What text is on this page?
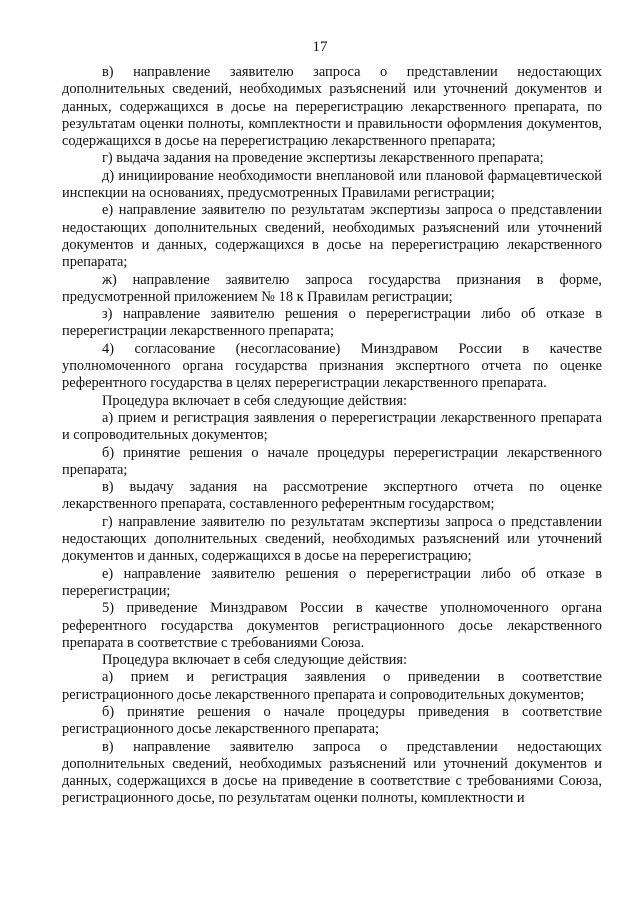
17

в) направление заявителю запроса о представлении недостающих дополнительных сведений, необходимых разъяснений или уточнений документов и данных, содержащихся в досье на перерегистрацию лекарственного препарата, по результатам оценки полноты, комплектности и правильности оформления документов, содержащихся в досье на перерегистрацию лекарственного препарата;

г) выдача задания на проведение экспертизы лекарственного препарата;

д) инициирование необходимости внеплановой или плановой фармацевтической инспекции на основаниях, предусмотренных Правилами регистрации;

е) направление заявителю по результатам экспертизы запроса о представлении недостающих дополнительных сведений, необходимых разъяснений или уточнений документов и данных, содержащихся в досье на перерегистрацию лекарственного препарата;

ж) направление заявителю запроса государства признания в форме, предусмотренной приложением № 18 к Правилам регистрации;

з) направление заявителю решения о перерегистрации либо об отказе в перерегистрации лекарственного препарата;

4) согласование (несогласование) Минздравом России в качестве уполномоченного органа государства признания экспертного отчета по оценке референтного государства в целях перерегистрации лекарственного препарата.

Процедура включает в себя следующие действия:

а) прием и регистрация заявления о перерегистрации лекарственного препарата и сопроводительных документов;

б) принятие решения о начале процедуры перерегистрации лекарственного препарата;

в) выдачу задания на рассмотрение экспертного отчета по оценке лекарственного препарата, составленного референтным государством;

г) направление заявителю по результатам экспертизы запроса о представлении недостающих дополнительных сведений, необходимых разъяснений или уточнений документов и данных, содержащихся в досье на перерегистрацию;

е) направление заявителю решения о перерегистрации либо об отказе в перерегистрации;

5) приведение Минздравом России в качестве уполномоченного органа референтного государства документов регистрационного досье лекарственного препарата в соответствие с требованиями Союза.

Процедура включает в себя следующие действия:

а) прием и регистрация заявления о приведении в соответствие регистрационного досье лекарственного препарата и сопроводительных документов;

б) принятие решения о начале процедуры приведения в соответствие регистрационного досье лекарственного препарата;

в) направление заявителю запроса о представлении недостающих дополнительных сведений, необходимых разъяснений или уточнений документов и данных, содержащихся в досье на приведение в соответствие с требованиями Союза, регистрационного досье, по результатам оценки полноты, комплектности и
